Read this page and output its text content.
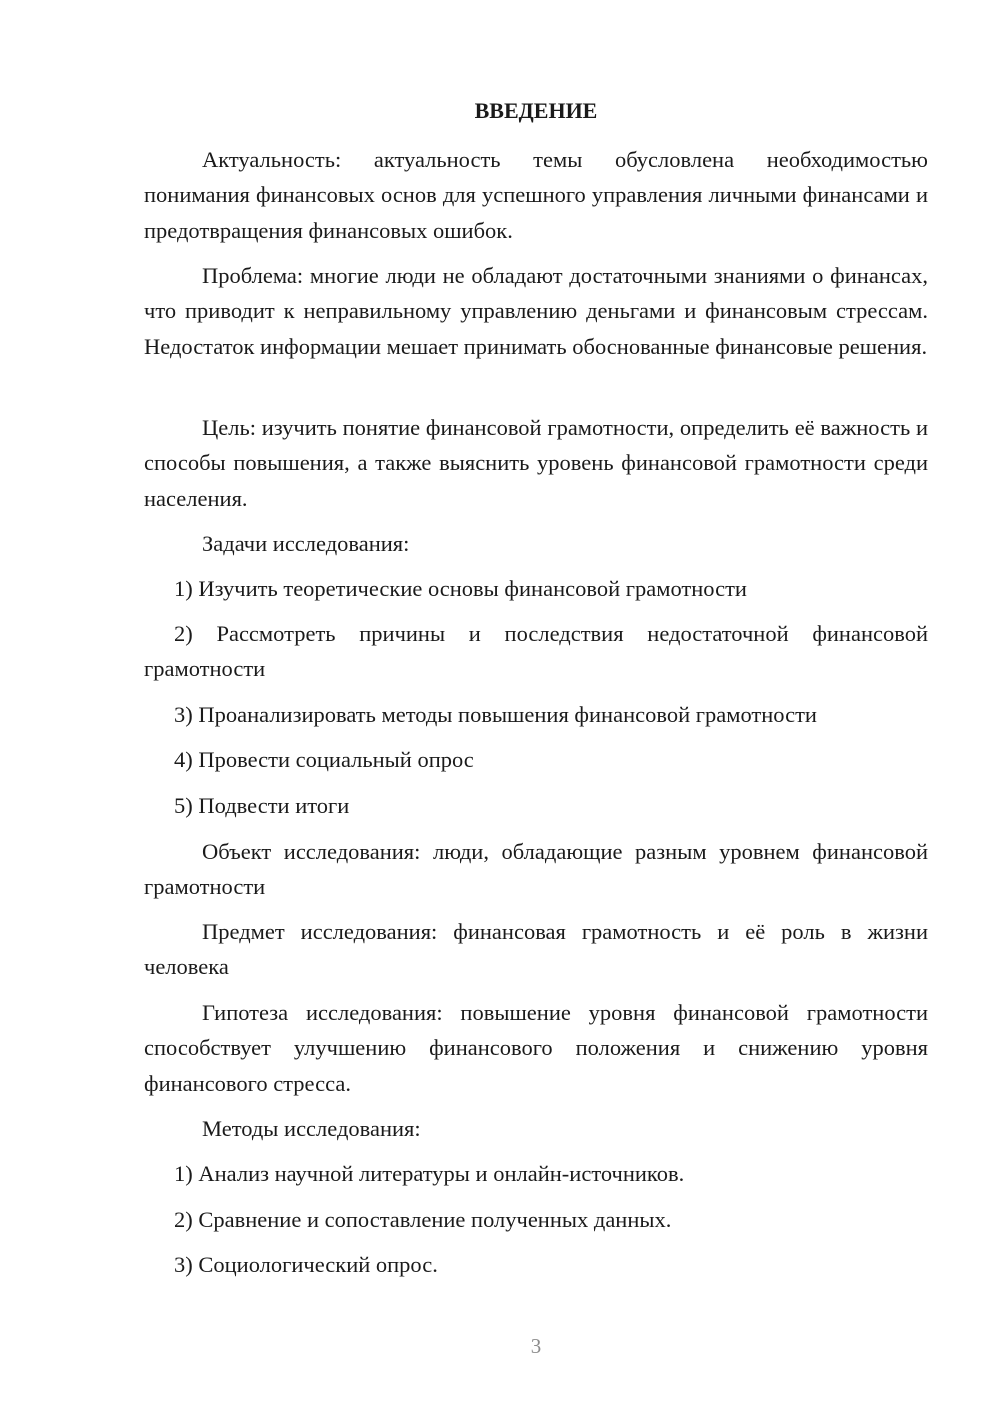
ВВЕДЕНИЕ

Актуальность: актуальность темы обусловлена необходимостью понимания финансовых основ для успешного управления личными финансами и предотвращения финансовых ошибок.

Проблема: многие люди не обладают достаточными знаниями о финансах, что приводит к неправильному управлению деньгами и финансовым стрессам. Недостаток информации мешает принимать обоснованные финансовые решения.

Цель: изучить понятие финансовой грамотности, определить её важность и способы повышения, а также выяснить уровень финансовой грамотности среди населения.

Задачи исследования:

1) Изучить теоретические основы финансовой грамотности

2) Рассмотреть причины и последствия недостаточной финансовой грамотности

3) Проанализировать методы повышения финансовой грамотности

4) Провести социальный опрос

5) Подвести итоги

Объект исследования: люди, обладающие разным уровнем финансовой грамотности

Предмет исследования: финансовая грамотность и её роль в жизни человека

Гипотеза исследования: повышение уровня финансовой грамотности способствует улучшению финансового положения и снижению уровня финансового стресса.

Методы исследования:

1) Анализ научной литературы и онлайн-источников.

2) Сравнение и сопоставление полученных данных.

3) Социологический опрос.

3
